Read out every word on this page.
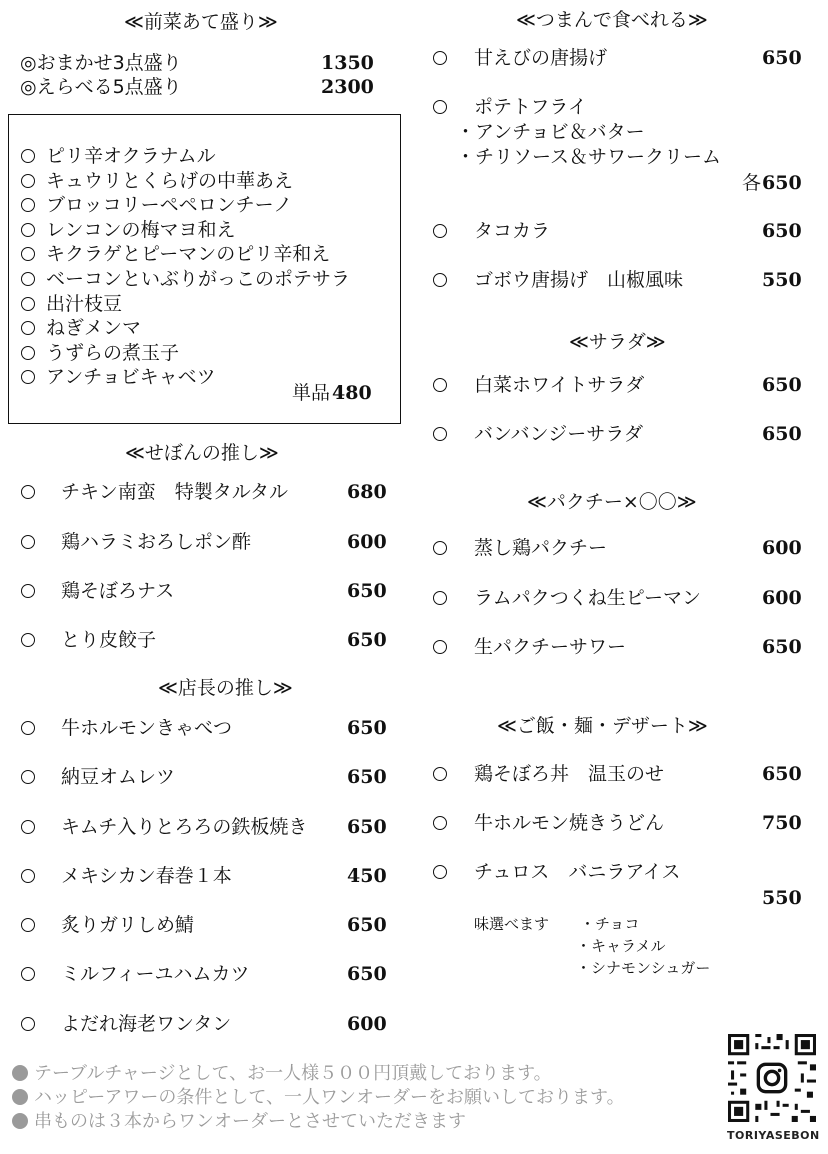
≪前菜あて盛り≫
◎おまかせ3点盛り	1350
◎えらべる5点盛り	2300
ピリ辛オクラナムル
キュウリとくらげの中華あえ
ブロッコリーペペロンチーノ
レンコンの梅マヨ和え
キクラゲとピーマンのピリ辛和え
ベーコンといぶりがっこのポテサラ
出汁枝豆
ねぎメンマ
うずらの煮玉子
アンチョビキャベツ
単品 480
≪せぼんの推し≫
チキン南蛮　特製タルタル	680
鶏ハラミおろしポン酢	600
鶏そぼろナス	650
とり皮餃子	650
≪店長の推し≫
牛ホルモンきゃべつ	650
納豆オムレツ	650
キムチ入りとろろの鉄板焼き 650
メキシカン春巻１本	450
炙りガリしめ鯖	650
ミルフィーユハムカツ	650
よだれ海老ワンタン	600
≪つまんで食べれる≫
甘えびの唐揚げ	650
ポテトフライ
・アンチョビ＆バター
・チリソース＆サワークリーム
各 650
タコカラ	650
ゴボウ唐揚げ　山椒風味	550
≪サラダ≫
白菜ホワイトサラダ	650
バンバンジーサラダ	650
≪パクチー×〇〇≫
蒸し鶏パクチー	600
ラムパクつくね生ピーマン	600
生パクチーサワー	650
≪ご飯・麺・デザート≫
鶏そぼろ丼　温玉のせ	650
牛ホルモン焼きうどん	750
チュロス　バニラアイス
550
味選べます ・チョコ
・キャラメル
・シナモンシュガー
テーブルチャージとして、お一人様５００円頂戴しております。
ハッピーアワーの条件として、一人ワンオーダーをお願いしております。
串ものは３本からワンオーダーとさせていただきます
TORIYASEBON
